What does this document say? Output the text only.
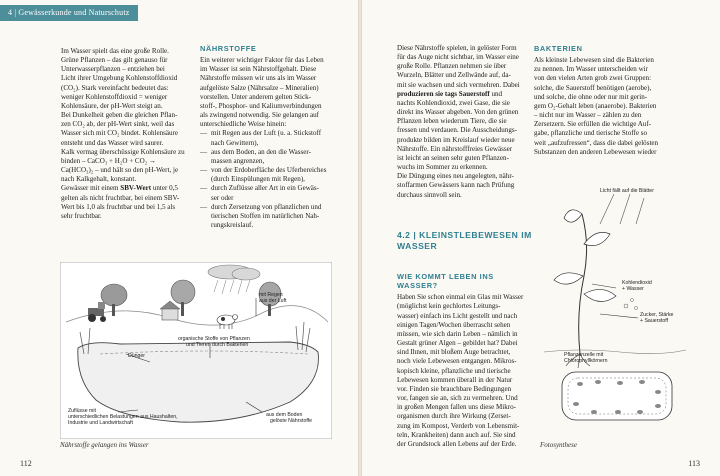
4 | Gewässerkunde und Naturschutz
Im Wasser spielt das eine große Rolle.
Grüne Pflanzen – das gilt genauso für
Unterwasserpflanzen – entziehen bei
Licht ihrer Umgebung Kohlenstoffdioxid
(CO₂). Stark vereinfacht bedeutet das:
weniger Kohlenstoffdioxid = weniger
Kohlensäure, der pH-Wert steigt an.
Bei Dunkelheit geben die gleichen Pflan-
zen CO₂ ab, der pH-Wert sinkt, weil das
Wasser sich mit CO₂ bindet. Kohlensäure
entsteht und das Wasser wird saurer.
Kalk vermag überschüssige Kohlensäure zu
binden – CaCO₃ + H₂O + CO₂ →
Ca(HCO₃)₂ – und hält so den pH-Wert, je
nach Kalkgehalt, konstant.

Gewässer mit einem SBV-Wert unter 0,5
gelten als nicht fruchtbar, bei einem SBV-
Wert bis 1,0 als fruchtbar und bei 1,5 als
sehr fruchtbar.

NÄHRSTOFFE
Ein weiterer wichtiger Faktor für das Leben
im Wasser ist sein Nährstoffgehalt. Diese
Nährstoffe müssen wir uns als im Wasser
aufgelöste Salze (Nährsalze – Mineralien)
vorstellen. Unter anderem gelten Stick-
stoff-, Phosphor- und Kaliumverbindungen
als zwingend notwendig. Sie gelangen auf
unterschiedliche Weise hinein:
— mit Regen aus der Luft (u. a. Stickstoff
nach Gewittern),
— aus dem Boden, an den die Wasser-
massen angrenzen,
— von der Erdoberfläche des Uferbereiches
(durch Einspülungen mit Regen),
— durch Zuflüsse aller Art in ein Gewäs-
ser oder
— durch Zersetzung von pflanzlichen und
tierischen Stoffen im natürlichen Nah-
rungskreislauf.
mit Regen aus der Luft
organische Stoffe von Pflanzen und Tieren durch Bakterien
Dünger
Zuflüsse mit unterschiedlichen Belastungen aus Haushalten, Industrie und Landwirtschaft
aus dem Boden gelöste Nährstoffe
Nährstoffe gelangen ins Wasser
112
Diese Nährstoffe spielen, in gelöster Form
für das Auge nicht sichtbar, im Wasser eine
große Rolle. Pflanzen nehmen sie über
Wurzeln, Blätter und Zellwände auf, da-
mit sie wachsen und sich vermehren. Dabei
produzieren sie tags Sauerstoff und
nachts Kohlendioxid, zwei Gase, die sie
direkt ins Wasser abgeben. Von den grünen
Pflanzen leben wiederum Tiere, die sie
fressen und verdauen. Die Ausscheidungs-
produkte bilden im Kreislauf wieder neue
Nährstoffe. Ein nährstofffreies Gewässer
ist leicht an seinen sehr guten Pflanzen-
wuchs im Sommer zu erkennen.
Die Düngung eines neu angelegten, nähr-
stoffarmen Gewässers kann nach Prüfung
durchaus sinnvoll sein.
4.2 | KLEINSTLEBEWESEN IM
WASSER
WIE KOMMT LEBEN INS WASSER?
Haben Sie schon einmal ein Glas mit Wasser
(möglichst kein gechlortes Leitungs-
wasser) einfach ins Licht gestellt und nach
einigen Tagen/Wochen überrascht sehen
müssen, wie sich darin Leben – nämlich in
Gestalt grüner Algen – gebildet hat? Dabei
sind Ihnen, mit bloßem Auge betrachtet,
noch viele Lebewesen entgangen. Mikros-
kopisch kleine, pflanzliche und tierische
Lebewesen kommen überall in der Natur
vor. Finden sie brauchbare Bedingungen
vor, fangen sie an, sich zu vermehren. Und
in großen Mengen fallen uns diese Mikro-
organismen durch ihre Wirkung (Zerset-
zung im Kompost, Verderb von Lebensmit-
teln, Krankheiten) dann auch auf. Sie sind
der Grundstock allen Lebens auf der Erde.
BAKTERIEN
Als kleinste Lebewesen sind die Bakterien
zu nennen. Im Wasser unterscheiden wir
von den vielen Arten grob zwei Gruppen:
solche, die Sauerstoff benötigen (aerobe),
und solche, die ohne oder nur mit gerin-
gem O₂-Gehalt leben (anaerobe). Bakterien
– nicht nur im Wasser – zählen zu den
Zersetzern. Sie erfüllen die wichtige Auf-
gabe, pflanzliche und tierische Stoffe so
weit „aufzufressen“, dass die dabei gelösten
Substanzen den anderen Lebewesen wieder
Licht fällt auf die Blätter
Kohlendioxid + Wasser
Zucker, Stärke + Sauerstoff
Pflanzenzelle mit Chlorophyllkörnern
Fotosynthese
113
